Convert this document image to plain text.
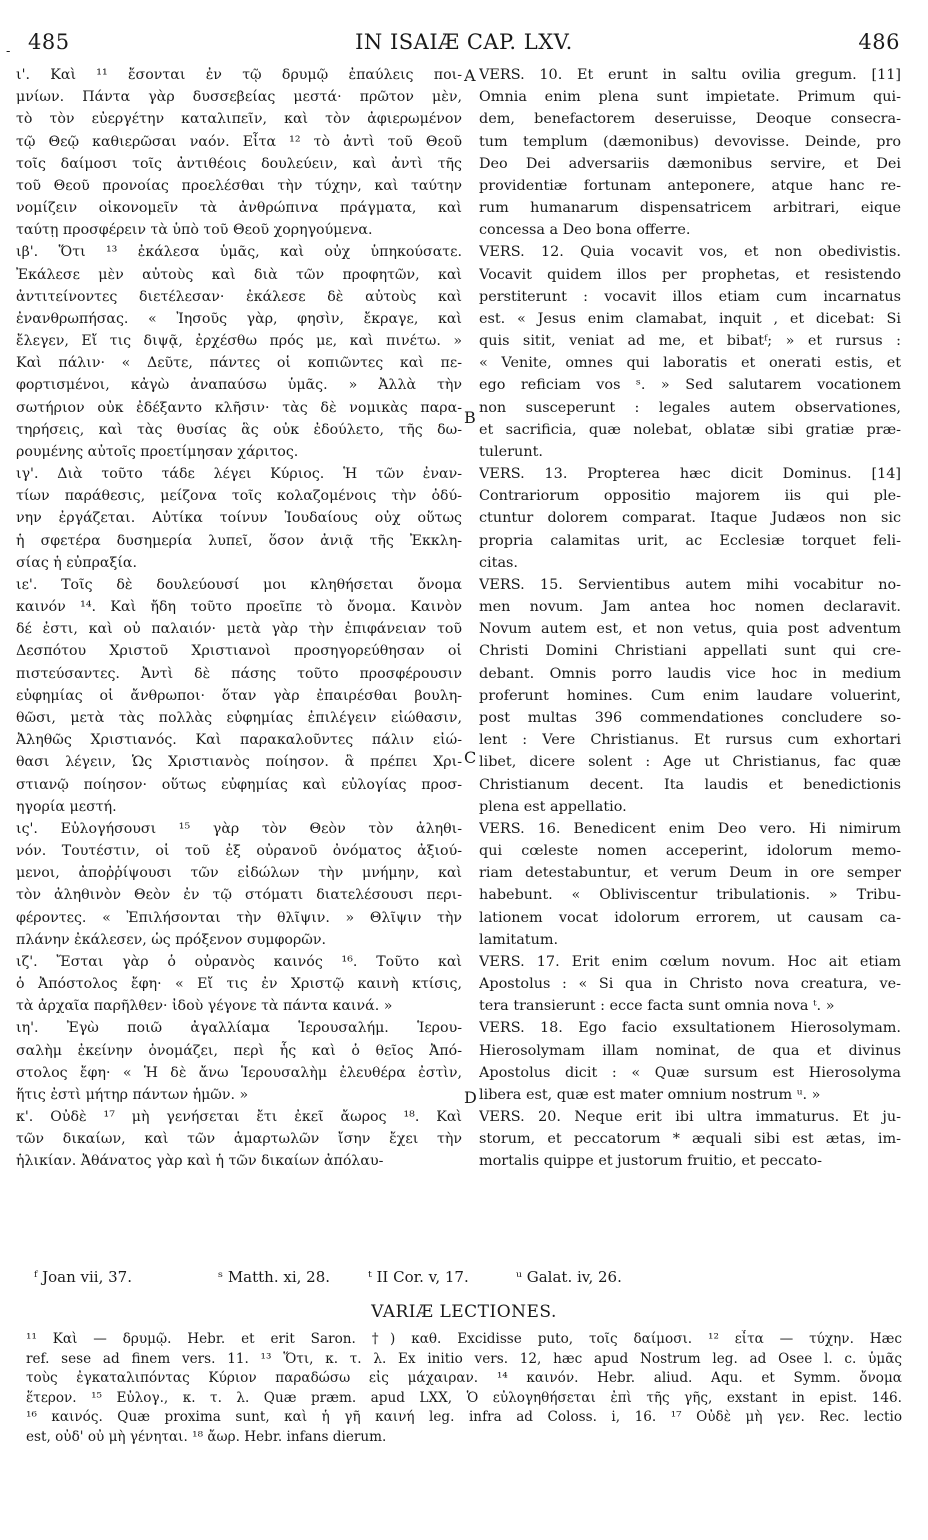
- 485	IN ISAIÆ CAP. LXV.	486
ι'. Καὶ ¹¹ ἔσονται ἐν τῷ δρυμῷ ἐπαύλεις ποι-
μνίων. Πάντα γὰρ δυσσεβείας μεστά· πρῶτον μὲν,
τὸ τὸν εὐεργέτην καταλιπεῖν, καὶ τὸν ἀφιερωμένον
τῷ Θεῷ καθιερῶσαι ναόν. Εἶτα ¹² τὸ ἀντὶ τοῦ Θεοῦ
τοῖς δαίμοσι τοῖς ἀντιθέοις δουλεύειν, καὶ ἀντὶ τῆς
τοῦ Θεοῦ προνοίας προελέσθαι τὴν τύχην, καὶ ταύτην
νομίζειν οἰκονομεῖν τὰ ἀνθρώπινα πράγματα, καὶ
ταύτῃ προσφέρειν τὰ ὑπὸ τοῦ Θεοῦ χορηγούμενα.
ιβ'. Ὅτι ¹³ ἐκάλεσα ὑμᾶς, καὶ οὐχ ὑπηκούσατε.
Ἐκάλεσε μὲν αὐτοὺς καὶ διὰ τῶν προφητῶν, καὶ
ἀντιτείνοντες διετέλεσαν· ἐκάλεσε δὲ αὐτοὺς καὶ
ἐνανθρωπήσας. « Ἰησοῦς γὰρ, φησὶν, ἔκραγε, καὶ
ἔλεγεν, Εἴ τις διψᾷ, ἐρχέσθω πρός με, καὶ πινέτω. »
Καὶ πάλιν· « Δεῦτε, πάντες οἱ κοπιῶντες καὶ πε-
φορτισμένοι, κἀγὼ ἀναπαύσω ὑμᾶς. » Ἀλλὰ τὴν
σωτήριον οὐκ ἐδέξαντο κλῆσιν· τὰς δὲ νομικὰς παρα-
τηρήσεις, καὶ τὰς θυσίας ἃς οὐκ ἐδούλετο, τῆς δω-
ρουμένης αὐτοῖς προετίμησαν χάριτος.
ιγ'. Διὰ τοῦτο τάδε λέγει Κύριος. Ἡ τῶν ἐναν-
τίων παράθεσις, μείζονα τοῖς κολαζομένοις τὴν ὀδύ-
νην ἐργάζεται. Αὐτίκα τοίνυν Ἰουδαίους οὐχ οὕτως
ἡ σφετέρα δυσημερία λυπεῖ, ὅσον ἀνιᾷ τῆς Ἐκκλη-
σίας ἡ εὐπραξία.
ιε'. Τοῖς δὲ δουλεύουσί μοι κληθήσεται ὄνομα
καινόν ¹⁴. Καὶ ἤδη τοῦτο προεῖπε τὸ ὄνομα. Καινὸν
δέ ἐστι, καὶ οὐ παλαιόν· μετὰ γὰρ τὴν ἐπιφάνειαν τοῦ
Δεσπότου Χριστοῦ Χριστιανοὶ προσηγορεύθησαν οἱ
πιστεύσαντες. Ἀντὶ δὲ πάσης τοῦτο προσφέρουσιν
εὐφημίας οἱ ἄνθρωποι· ὅταν γὰρ ἐπαιρέσθαι βουλη-
θῶσι, μετὰ τὰς πολλὰς εὐφημίας ἐπιλέγειν εἰώθασιν,
Ἀληθῶς Χριστιανός. Καὶ παρακαλοῦντες πάλιν εἰώ-
θασι λέγειν, Ὡς Χριστιανὸς ποίησον. ἃ πρέπει Χρι-
στιανῷ ποίησον· οὕτως εὐφημίας καὶ εὐλογίας προσ-
ηγορία μεστή.
ις'. Εὐλογήσουσι ¹⁵ γὰρ τὸν Θεὸν τὸν ἀληθι-
νόν. Τουτέστιν, οἱ τοῦ ἐξ οὐρανοῦ ὀνόματος ἀξιού-
μενοι, ἀποῤῥίψουσι τῶν εἰδώλων τὴν μνήμην, καὶ
τὸν ἀληθινὸν Θεὸν ἐν τῷ στόματι διατελέσουσι περι-
φέροντες. « Ἐπιλήσονται τὴν θλῖψιν. » Θλῖψιν τὴν
πλάνην ἐκάλεσεν, ὡς πρόξενον συμφορῶν.
ιζ'. Ἔσται γὰρ ὁ οὐρανὸς καινός ¹⁶. Τοῦτο καὶ
ὁ Ἀπόστολος ἔφη· « Εἴ τις ἐν Χριστῷ καινὴ κτίσις,
τὰ ἀρχαῖα παρῆλθεν· ἰδοὺ γέγονε τὰ πάντα καινά. »
ιη'. Ἐγὼ ποιῶ ἀγαλλίαμα Ἱερουσαλήμ. Ἱερου-
σαλὴμ ἐκείνην ὀνομάζει, περὶ ἧς καὶ ὁ θεῖος Ἀπό-
στολος ἔφη· « Ἡ δὲ ἄνω Ἱερουσαλὴμ ἐλευθέρα ἐστὶν,
ἥτις ἐστὶ μήτηρ πάντων ἡμῶν. »
κ'. Οὐδὲ ¹⁷ μὴ γενήσεται ἔτι ἐκεῖ ἄωρος ¹⁸. Καὶ
τῶν δικαίων, καὶ τῶν ἁμαρτωλῶν ἴσην ἔχει τὴν
ἡλικίαν. Ἀθάνατος γὰρ καὶ ἡ τῶν δικαίων ἀπόλαυ-
VERS. 10. Et erunt in saltu ovilia gregum. [11]
Omnia enim plena sunt impietate. Primum qui-
dem, benefactorem deseruisse, Deoque consecra-
tum templum (dæmonibus) devovisse. Deinde, pro
Deo Dei adversariis dæmonibus servire, et Dei
providentiæ fortunam anteponere, atque hanc re-
rum humanarum dispensatricem arbitrari, eique
concessa a Deo bona offerre.
VERS. 12. Quia vocavit vos, et non obedivistis.
Vocavit quidem illos per prophetas, et resistendo
perstiterunt : vocavit illos etiam cum incarnatus
est. « Jesus enim clamabat, inquit , et dicebat: Si
quis sitit, veniat ad me, et bibatᶠ; » et rursus :
« Venite, omnes qui laboratis et onerati estis, et
ego reficiam vos ˢ. » Sed salutarem vocationem
non susceperunt : legales autem observationes,
et sacrificia, quæ nolebat, oblatæ sibi gratiæ præ-
tulerunt.
VERS. 13. Propterea hæc dicit Dominus. [14]
Contrariorum oppositio majorem iis qui ple-
ctuntur dolorem comparat. Itaque Judæos non sic
propria calamitas urit, ac Ecclesiæ torquet feli-
citas.
VERS. 15. Servientibus autem mihi vocabitur no-
men novum. Jam antea hoc nomen declaravit.
Novum autem est, et non vetus, quia post adventum
Christi Domini Christiani appellati sunt qui cre-
debant. Omnis porro laudis vice hoc in medium
proferunt homines. Cum enim laudare voluerint,
post multas 396 commendationes concludere so-
lent : Vere Christianus. Et rursus cum exhortari
libet, dicere solent : Age ut Christianus, fac quæ
Christianum decent. Ita laudis et benedictionis
plena est appellatio.
VERS. 16. Benedicent enim Deo vero. Hi nimirum
qui cœleste nomen acceperint, idolorum memo-
riam detestabuntur, et verum Deum in ore semper
habebunt. « Obliviscentur tribulationis. » Tribu-
lationem vocat idolorum errorem, ut causam ca-
lamitatum.
VERS. 17. Erit enim cœlum novum. Hoc ait etiam
Apostolus : « Si qua in Christo nova creatura, ve-
tera transierunt : ecce facta sunt omnia nova ᵗ. »
VERS. 18. Ego facio exsultationem Hierosolymam.
Hierosolymam illam nominat, de qua et divinus
Apostolus dicit : « Quæ sursum est Hierosolyma
libera est, quæ est mater omnium nostrum ᵘ. »
VERS. 20. Neque erit ibi ultra immaturus. Et ju-
storum, et peccatorum * æquali sibi est ætas, im-
mortalis quippe et justorum fruitio, et peccato-
A
B
C
D
ᶠ Joan vii, 37.	ˢ Matth. xi, 28.	ᵗ II Cor. v, 17.	ᵘ Galat. iv, 26.
VARIÆ LECTIONES.
¹¹ Καὶ — δρυμῷ. Hebr. et erit Saron. †) καθ. Excidisse puto, τοῖς δαίμοσι. ¹² εἶτα — τύχην. Hæc
ref. sese ad finem vers. 11. ¹³ Ὅτι, κ. τ. λ. Ex initio vers. 12, hæc apud Nostrum leg. ad Osee l. c. ὑμᾶς
τοὺς ἐγκαταλιπόντας Κύριον παραδώσω εἰς μάχαιραν. ¹⁴ καινόν. Hebr. aliud. Aqu. et Symm. ὄνομα
ἕτερον. ¹⁵ Εὐλογ., κ. τ. λ. Quæ præm. apud LXX, Ὁ εὐλογηθήσεται ἐπὶ τῆς γῆς, exstant in epist. 146.
¹⁶ καινός. Quæ proxima sunt, καὶ ἡ γῆ καινή leg. infra ad Coloss. i, 16. ¹⁷ Οὐδὲ μὴ γεν. Rec. lectio
est, οὐδ' οὐ μὴ γένηται. ¹⁸ ἄωρ. Hebr. infans dierum.
